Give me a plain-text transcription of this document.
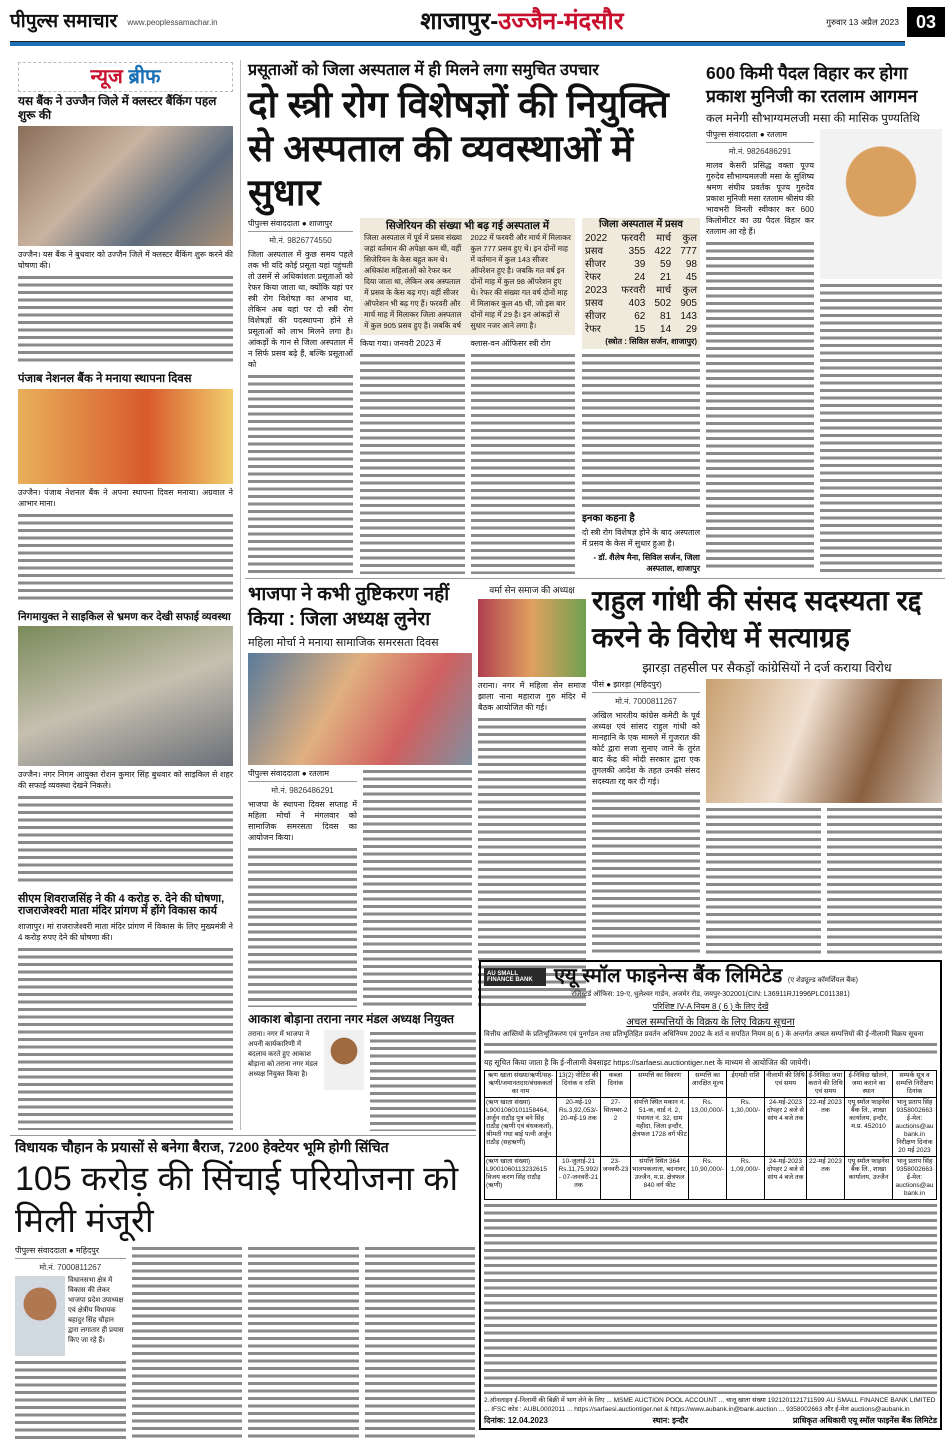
पीपुल्स समाचार www.peoplessamachar.in	शाजापुर-उज्जैन-मंदसौर	गुरुवार 13 अप्रैल 2023 03
न्यूज ब्रीफ
यस बैंक ने उज्जैन जिले में क्लस्टर बैंकिंग पहल शुरू की
उज्जैन। यस बैंक ने बुधवार को उज्जैन जिले में क्लस्टर बैंकिंग शुरू करने की घोषणा की।
पंजाब नेशनल बैंक ने मनाया स्थापना दिवस
उज्जैन। पंजाब नेशनल बैंक ने अपना स्थापना दिवस मनाया। अग्रवाल ने आभार माना।
निगमायुक्त ने साइकिल से भ्रमण कर देखी सफाई व्यवस्था
उज्जैन। नगर निगम आयुक्त रोशन कुमार सिंह बुधवार को साइकिल से शहर की सफाई व्यवस्था देखने निकले।
सीएम शिवराजसिंह ने की 4 करोड़ रु. देने की घोषणा, राजराजेश्वरी माता मंदिर प्रांगण में होंगे विकास कार्य
शाजापुर। मां राजराजेश्वरी माता मंदिर प्रांगण में विकास के लिए मुख्यमंत्री ने 4 करोड़ रुपए देने की घोषणा की।
प्रसूताओं को जिला अस्पताल में ही मिलने लगा समुचित उपचार
दो स्त्री रोग विशेषज्ञों की नियुक्ति से अस्पताल की व्यवस्थाओं में सुधार
पीपुल्स संवाददाता ● शाजापुर
मो.नं. 9826774550
जिला अस्पताल में कुछ समय पहले तक भी यदि कोई प्रसूता यहां पहुंचती तो उसमें से अधिकांशतः प्रसूताओं को रेफर किया जाता था, क्योंकि यहां पर स्त्री रोग विशेषज्ञ का अभाव था, लेकिन अब यहां पर दो स्त्री रोग विशेषज्ञों की पदस्थापना होने से प्रसूताओं को लाभ मिलने लगा है। आंकड़ों के गान से जिला अस्पताल में न सिर्फ प्रसव बढ़े हैं, बल्कि प्रसूताओं को
सिजेरियन की संख्या भी बढ़ गई अस्पताल में
जिला अस्पताल में पूर्व में प्रसव संख्या जहां वर्तमान की अपेक्षा कम थी, वहीं सिजेरियन के केस बहुत कम थे। अधिकांश महिलाओं को रेफर कर दिया जाता था, लेकिन अब अस्पताल में प्रसव के केस बढ़ गए। वहीं सीजर ऑपरेशन भी बढ़ गए हैं। फरवरी और मार्च माह में मिलाकर जिला अस्पताल में कुल 905 प्रसव हुए है। जबकि वर्ष
2022 में फरवरी और मार्च में मिलाकर कुल 777 प्रसव हुए थे। इन दोनों माह में वर्तमान में कुल 143 सीजर ऑपरेशन हुए है। जबकि गत वर्ष इन दोनों माह में कुल 98 ऑपरेशन हुए थे। रेफर की संख्या गत वर्ष दोनों माह में मिलाकर कुल 45 थी, जो इस बार दोनों माह में 29 है। इन आंकड़ों से सुधार नजर आने लगा है।
किया गया। जनवरी 2023 में	क्लास-वन ऑफिसर स्त्री रोग
जिला अस्पताल में प्रसव
2022	फरवरी	मार्च	कुल
प्रसव	355	422	777
सीजर	39	59	98
रेफर	24	21	45
2023	फरवरी	मार्च	कुल
प्रसव	403	502	905
सीजर	62	81	143
रेफर	15	14	29
(स्त्रोत : सिविल सर्जन, शाजापुर)
इनका कहना है
दो स्त्री रोग विशेषज्ञ होने के बाद अस्पताल में प्रसव के केस में सुधार हुआ है।
- डॉ. शैलेष मैना, सिविल सर्जन, जिला अस्पताल, शाजापुर
600 किमी पैदल विहार कर होगा प्रकाश मुनिजी का रतलाम आगमन
कल मनेगी सौभाग्यमलजी मसा की मासिक पुण्यतिथि
पीपुल्स संवाददाता ● रतलाम
मो.नं. 9826486291
मालव केसरी प्रसिद्ध वक्ता पूज्य गुरुदेव सौभाग्यमलजी मसा के सुशिष्य श्रमण संघीय प्रवर्तक पूज्य गुरुदेव प्रकाश मुनिजी मसा रतलाम श्रीसंघ की भावभरी विनती स्वीकार कर 600 किलोमीटर का उग्र पैदल विहार कर रतलाम आ रहे हैं।
भाजपा ने कभी तुष्टिकरण नहीं किया : जिला अध्यक्ष लुनेरा
महिला मोर्चा ने मनाया सामाजिक समरसता दिवस
पीपुल्स संवाददाता ● रतलाम
मो.नं. 9826486291
भाजपा के स्थापना दिवस सप्ताह में महिला मोर्चा ने मंगलवार को सामाजिक समरसता दिवस का आयोजन किया।
वर्मा सेन समाज की अध्यक्ष
तराना। नगर में महिला सेन समाज झाला नाना महाराज गुरु मंदिर में बैठक आयोजित की गई।
राहुल गांधी की संसद सदस्यता रद्द करने के विरोध में सत्याग्रह
झारड़ा तहसील पर सैकड़ों कांग्रेसियों ने दर्ज कराया विरोध
पीसं ● झारड़ा (महिदपुर)
मो.नं. 7000811267
अखिल भारतीय कांग्रेस कमेटी के पूर्व अध्यक्ष एवं सांसद राहुल गांधी को मानहानि के एक मामले में गुजरात की कोर्ट द्वारा सजा सुनाए जाने के तुरंत बाद केंद्र की मोदी सरकार द्वारा एक तुगलकी आदेश के तहत उनकी संसद सदस्यता रद्द कर दी गई।
आकाश बोड़ाना तराना नगर मंडल अध्यक्ष नियुक्त
तराना। नगर में भाजपा ने अपनी कार्यकारिणी में बदलाव करते हुए आकाश बोड़ाना को तराना नगर मंडल अध्यक्ष नियुक्त किया है।
विधायक चौहान के प्रयासों से बनेगा बैराज, 7200 हेक्टेयर भूमि होगी सिंचित
105 करोड़ की सिंचाई परियोजना को मिली मंजूरी
पीपुल्स संवाददाता ● महिदपुर
मो.नं. 7000811267
विधानसभा क्षेत्र में विकास की लेकर भाजपा प्रदेश उपाध्यक्ष एवं क्षेत्रीय विधायक बहादुर सिंह चौहान द्वारा लगातार ही प्रयास किए जा रहे हैं।
AU SMALL FINANCE BANK	एयू स्मॉल फाइनेन्स बैंक लिमिटेड (ए शेड्यूल्ड कॉमर्शियल बैंक)
रजिस्टर्ड ऑफिस: 19-ए, धुलेश्वर गार्डन, अजमेर रोड, जयपुर-302001(CIN: L36911RJ1996PLC011381)
परिशिष्ट IV-A नियम 8 ( 6 ) के लिए देखें
अचल सम्पत्तियों के विक्रय के लिए विक्रय सूचना
वित्तीय आस्तियों के प्रतिभूतिकरण एवं पुनर्गठन तथा प्रतिभूतिहित प्रवर्तन अधिनियम 2002 के शर्त व सपठित नियम 8( 6 ) के अन्तर्गत अचल सम्पत्तियों की ई-नीलामी विक्रय सूचना
यह सूचित किया जाता है कि ई-नीलामी वेबसाइट https://sarfaesi.auctiontiger.net के माध्यम से आयोजित की जायेगी।
ऋण खाता संख्या/ऋणी/सह-ऋणी/जमानतदार/बंधककर्ता का नाम	13(2) नोटिस की दिनांक व राशि	कब्जा दिनांक	सम्पत्ति का विवरण	सम्पत्ति का आरक्षित मूल्य	ईएमडी राशि	नीलामी की तिथि एवं समय	ई-निविदा जमा कराने की तिथि एवं समय	ई-निविदा खोलने, जमा कराने का स्थान	सम्पर्क सूत्र व सम्पत्ति निरीक्षण दिनांक
(ऋण खाता संख्या) L9001060101158464, अर्जुन राठौड़ पुत्र बने सिंह राठौड़ (ऋणी एवं बंधककर्ता), श्रीमती गधा बाई पत्नी अर्जुन राठौड़ (सहऋणी)	20-मई-19 Rs.3,92,053/- 20-मई-19 तक	27-सितम्बर-22	संपत्ति स्थित मकान नं. 51-क, वार्ड नं. 2, पंचायत नं. 32, ग्राम महीदा, जिला इन्दौर, क्षेत्रफल 1728 वर्ग फीट	Rs. 13,00,000/-	Rs. 1,30,000/-	24-मई-2023 दोपहर 2 बजे से सांय 4 बजे तक	22-मई 2023 तक	एयू स्मॉल फाइनेंस बैंक लि., शाखा कार्यालय, इन्दौर, म.प्र. 452010	भानु प्रताप सिंह 9358002663 ई-मेल: auctions@aubank.in निरीक्षण दिनांक 20 मई 2023
(ऋण खाता संख्या) L9001060113232615 विजय करण सिंह राठौड़ (ऋणी)	10-जुलाई-21 Rs.11,75,992/- 07-जनवरी-21 तक	23-जनवरी-23	संपत्ति स्थित 364 भालपकलाता, बदनावर, उज्जैन, म.प्र. क्षेत्रफल 840 वर्ग फीट	Rs. 10,90,000/-	Rs. 1,09,000/-	24-मई-2023 दोपहर 2 बजे से सांय 4 बजे तक	22-मई 2023 तक	एयू स्मॉल फाइनेंस बैंक लि., शाखा कार्यालय, उज्जैन	भानु प्रताप सिंह 9358002663 ई-मेल: auctions@aubank.in
2.ऑनलाइन ई-निलामी की बिक्री में भाग लेने के लिए ... MSME AUCTION POOL ACCOUNT ... चालू खाता संख्या 1921201121711599 AU SMALL FINANCE BANK LIMITED ... IFSC कोड : AUBL0002011 ... https://sarfaesi.auctiontiger.net & https://www.aubank.in@bank.auction ... 9358002663 और ई-मेल auctions@aubank.in
दिनांक: 12.04.2023	स्थान: इन्दौर	प्राधिकृत अधिकारी एयू स्मॉल फाइनेंस बैंक लिमिटेड
